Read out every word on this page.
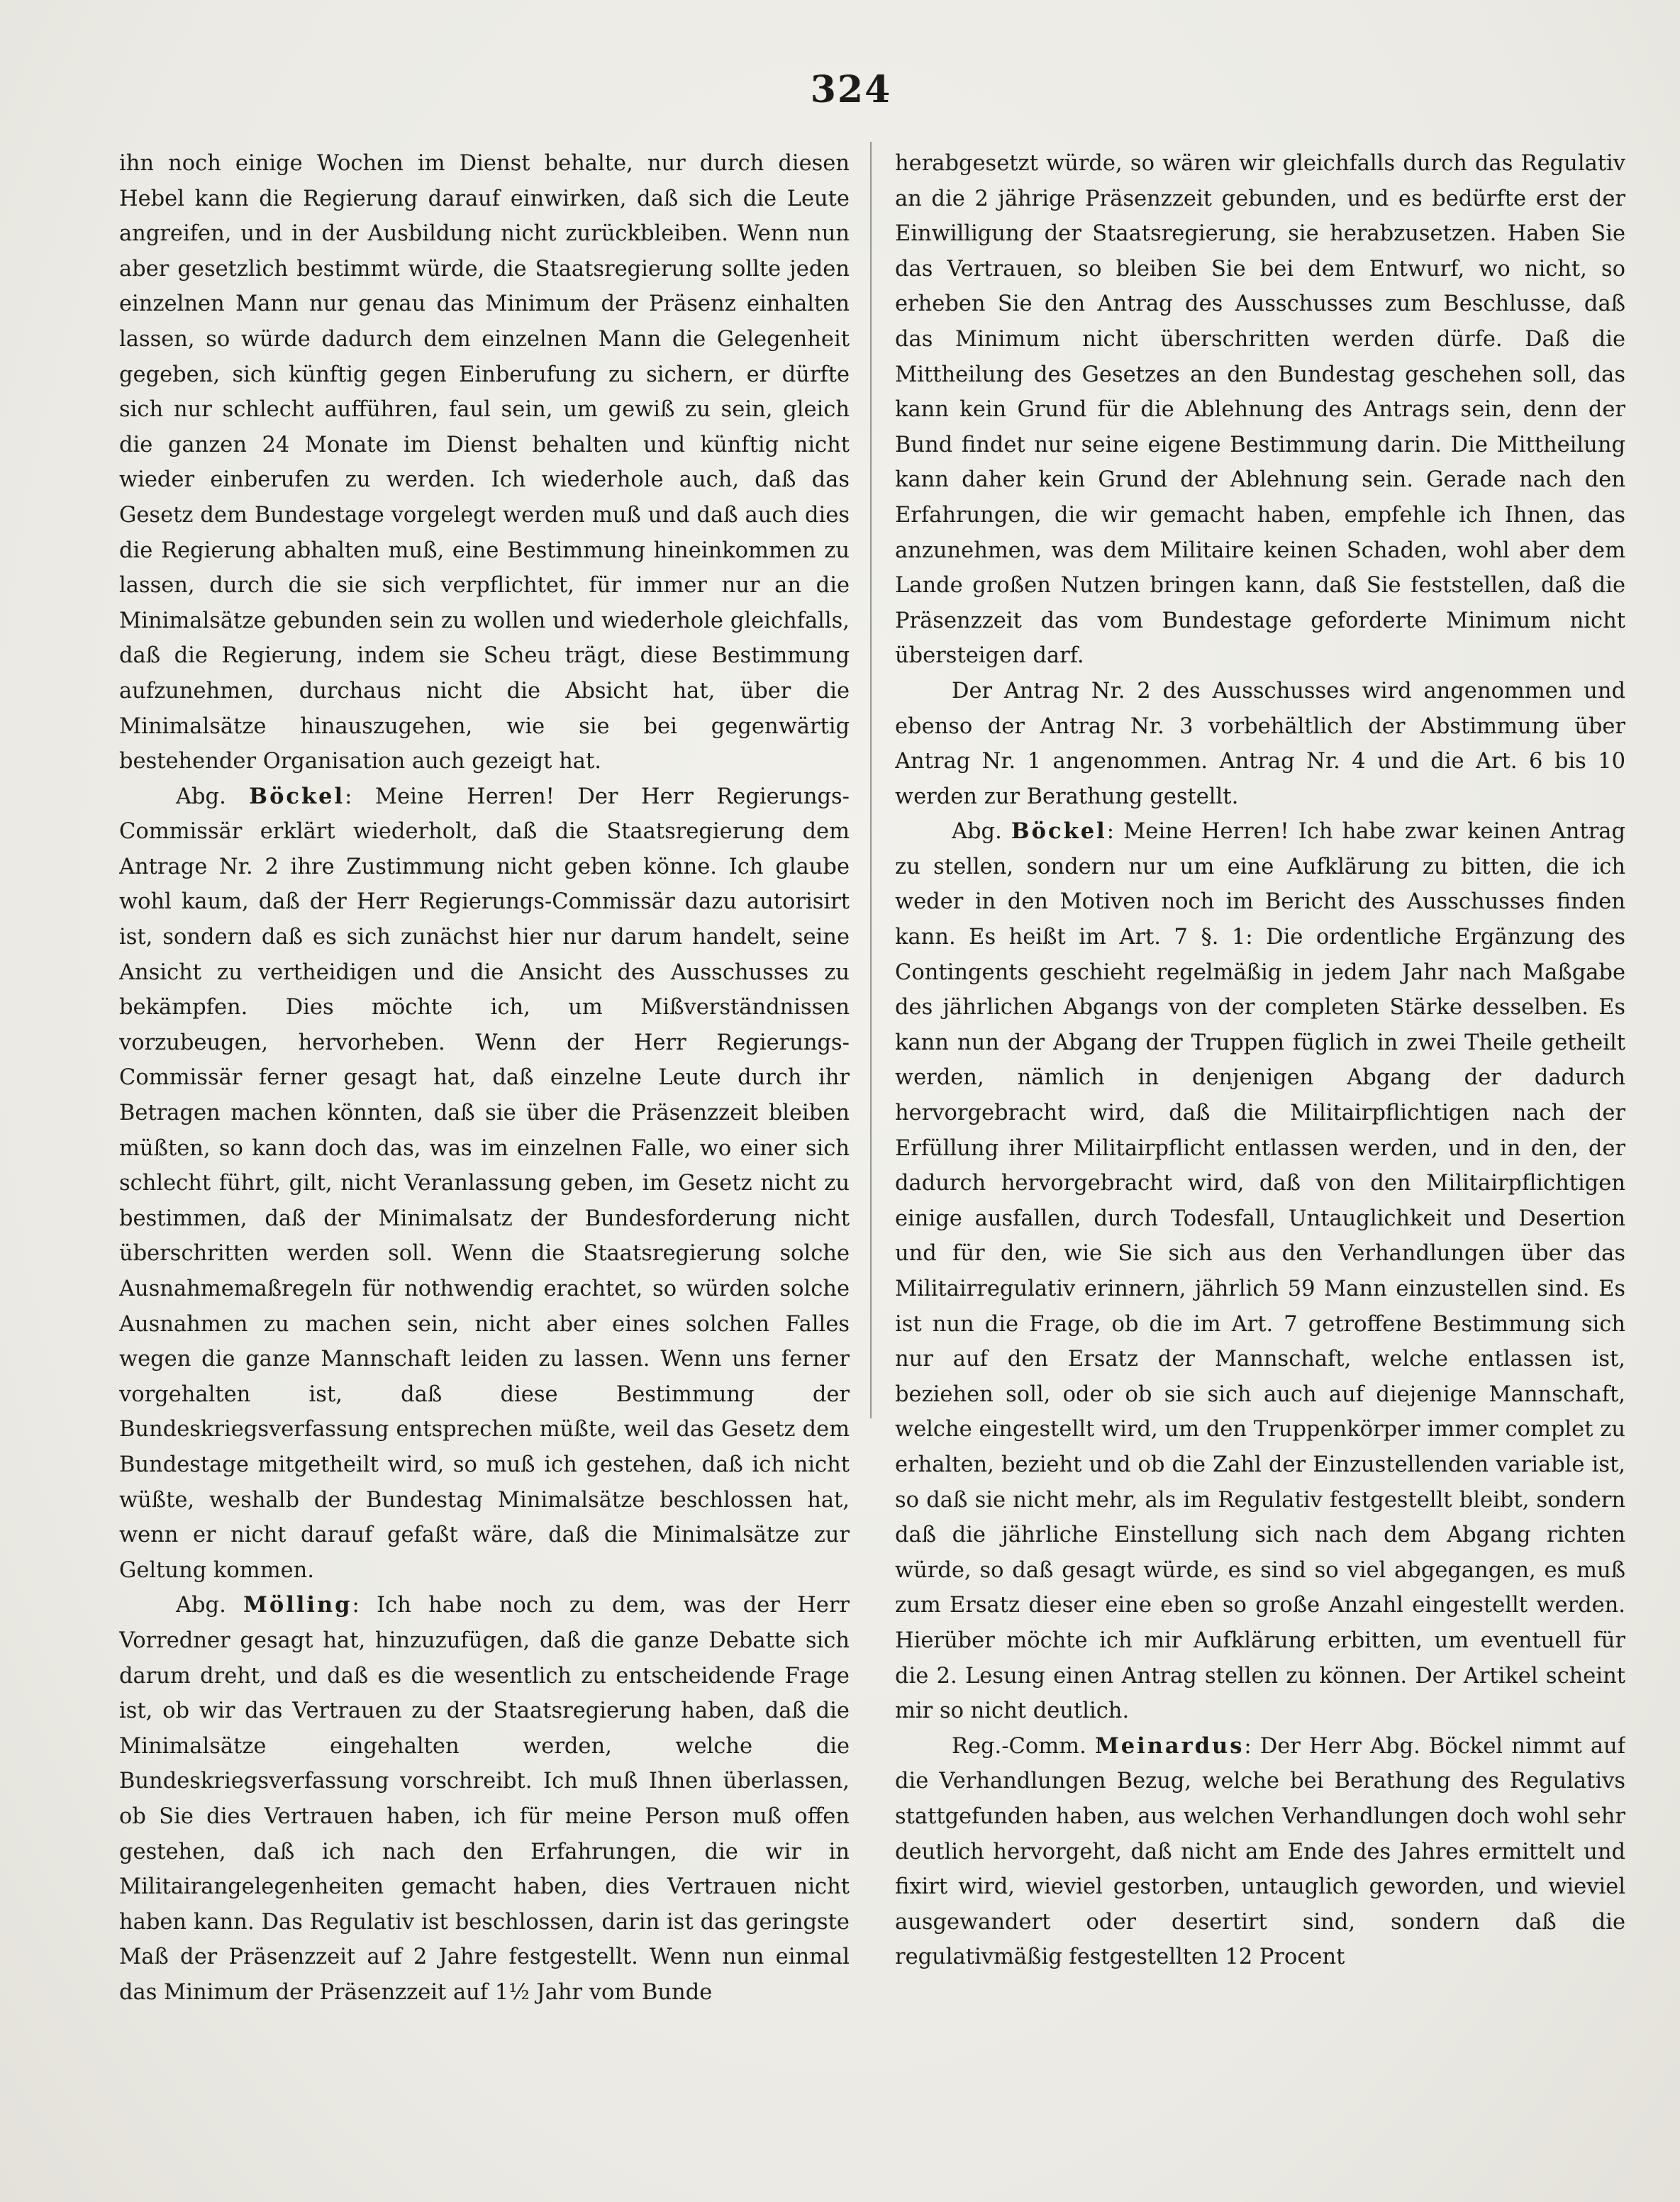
324

ihn noch einige Wochen im Dienst behalte, nur durch diesen Hebel kann die Regierung darauf einwirken, daß sich die Leute angreifen, und in der Ausbildung nicht zurückbleiben. Wenn nun aber gesetzlich bestimmt würde, die Staatsregierung sollte jeden einzelnen Mann nur genau das Minimum der Präsenz einhalten lassen, so würde dadurch dem einzelnen Mann die Gelegenheit gegeben, sich künftig gegen Einberufung zu sichern, er dürfte sich nur schlecht aufführen, faul sein, um gewiß zu sein, gleich die ganzen 24 Monate im Dienst behalten und künftig nicht wieder einberufen zu werden. Ich wiederhole auch, daß das Gesetz dem Bundestage vorgelegt werden muß und daß auch dies die Regierung abhalten muß, eine Bestimmung hineinkommen zu lassen, durch die sie sich verpflichtet, für immer nur an die Minimalsätze gebunden sein zu wollen und wiederhole gleichfalls, daß die Regierung, indem sie Scheu trägt, diese Bestimmung aufzunehmen, durchaus nicht die Absicht hat, über die Minimalsätze hinauszugehen, wie sie bei gegenwärtig bestehender Organisation auch gezeigt hat.

Abg. Böckel: Meine Herren! Der Herr Regierungs-Commissär erklärt wiederholt, daß die Staatsregierung dem Antrage Nr. 2 ihre Zustimmung nicht geben könne. Ich glaube wohl kaum, daß der Herr Regierungs-Commissär dazu autorisirt ist, sondern daß es sich zunächst hier nur darum handelt, seine Ansicht zu vertheidigen und die Ansicht des Ausschusses zu bekämpfen. Dies möchte ich, um Mißverständnissen vorzubeugen, hervorheben. Wenn der Herr Regierungs-Commissär ferner gesagt hat, daß einzelne Leute durch ihr Betragen machen könnten, daß sie über die Präsenzzeit bleiben müßten, so kann doch das, was im einzelnen Falle, wo einer sich schlecht führt, gilt, nicht Veranlassung geben, im Gesetz nicht zu bestimmen, daß der Minimalsatz der Bundesforderung nicht überschritten werden soll. Wenn die Staatsregierung solche Ausnahmemaßregeln für nothwendig erachtet, so würden solche Ausnahmen zu machen sein, nicht aber eines solchen Falles wegen die ganze Mannschaft leiden zu lassen. Wenn uns ferner vorgehalten ist, daß diese Bestimmung der Bundeskriegsverfassung entsprechen müßte, weil das Gesetz dem Bundestage mitgetheilt wird, so muß ich gestehen, daß ich nicht wüßte, weshalb der Bundestag Minimalsätze beschlossen hat, wenn er nicht darauf gefaßt wäre, daß die Minimalsätze zur Geltung kommen.

Abg. Mölling: Ich habe noch zu dem, was der Herr Vorredner gesagt hat, hinzuzufügen, daß die ganze Debatte sich darum dreht, und daß es die wesentlich zu entscheidende Frage ist, ob wir das Vertrauen zu der Staatsregierung haben, daß die Minimalsätze eingehalten werden, welche die Bundeskriegsverfassung vorschreibt. Ich muß Ihnen überlassen, ob Sie dies Vertrauen haben, ich für meine Person muß offen gestehen, daß ich nach den Erfahrungen, die wir in Militairangelegenheiten gemacht haben, dies Vertrauen nicht haben kann. Das Regulativ ist beschlossen, darin ist das geringste Maß der Präsenzzeit auf 2 Jahre festgestellt. Wenn nun einmal das Minimum der Präsenzzeit auf 1½ Jahr vom Bunde

herabgesetzt würde, so wären wir gleichfalls durch das Regulativ an die 2 jährige Präsenzzeit gebunden, und es bedürfte erst der Einwilligung der Staatsregierung, sie herabzusetzen. Haben Sie das Vertrauen, so bleiben Sie bei dem Entwurf, wo nicht, so erheben Sie den Antrag des Ausschusses zum Beschlusse, daß das Minimum nicht überschritten werden dürfe. Daß die Mittheilung des Gesetzes an den Bundestag geschehen soll, das kann kein Grund für die Ablehnung des Antrags sein, denn der Bund findet nur seine eigene Bestimmung darin. Die Mittheilung kann daher kein Grund der Ablehnung sein. Gerade nach den Erfahrungen, die wir gemacht haben, empfehle ich Ihnen, das anzunehmen, was dem Militaire keinen Schaden, wohl aber dem Lande großen Nutzen bringen kann, daß Sie feststellen, daß die Präsenzzeit das vom Bundestage geforderte Minimum nicht übersteigen darf.

Der Antrag Nr. 2 des Ausschusses wird angenommen und ebenso der Antrag Nr. 3 vorbehältlich der Abstimmung über Antrag Nr. 1 angenommen. Antrag Nr. 4 und die Art. 6 bis 10 werden zur Berathung gestellt.

Abg. Böckel: Meine Herren! Ich habe zwar keinen Antrag zu stellen, sondern nur um eine Aufklärung zu bitten, die ich weder in den Motiven noch im Bericht des Ausschusses finden kann. Es heißt im Art. 7 §. 1: Die ordentliche Ergänzung des Contingents geschieht regelmäßig in jedem Jahr nach Maßgabe des jährlichen Abgangs von der completen Stärke desselben. Es kann nun der Abgang der Truppen füglich in zwei Theile getheilt werden, nämlich in denjenigen Abgang der dadurch hervorgebracht wird, daß die Militairpflichtigen nach der Erfüllung ihrer Militairpflicht entlassen werden, und in den, der dadurch hervorgebracht wird, daß von den Militairpflichtigen einige ausfallen, durch Todesfall, Untauglichkeit und Desertion und für den, wie Sie sich aus den Verhandlungen über das Militairregulativ erinnern, jährlich 59 Mann einzustellen sind. Es ist nun die Frage, ob die im Art. 7 getroffene Bestimmung sich nur auf den Ersatz der Mannschaft, welche entlassen ist, beziehen soll, oder ob sie sich auch auf diejenige Mannschaft, welche eingestellt wird, um den Truppenkörper immer complet zu erhalten, bezieht und ob die Zahl der Einzustellenden variable ist, so daß sie nicht mehr, als im Regulativ festgestellt bleibt, sondern daß die jährliche Einstellung sich nach dem Abgang richten würde, so daß gesagt würde, es sind so viel abgegangen, es muß zum Ersatz dieser eine eben so große Anzahl eingestellt werden. Hierüber möchte ich mir Aufklärung erbitten, um eventuell für die 2. Lesung einen Antrag stellen zu können. Der Artikel scheint mir so nicht deutlich.

Reg.-Comm. Meinardus: Der Herr Abg. Böckel nimmt auf die Verhandlungen Bezug, welche bei Berathung des Regulativs stattgefunden haben, aus welchen Verhandlungen doch wohl sehr deutlich hervorgeht, daß nicht am Ende des Jahres ermittelt und fixirt wird, wieviel gestorben, untauglich geworden, und wieviel ausgewandert oder desertirt sind, sondern daß die regulativmäßig festgestellten 12 Procent
